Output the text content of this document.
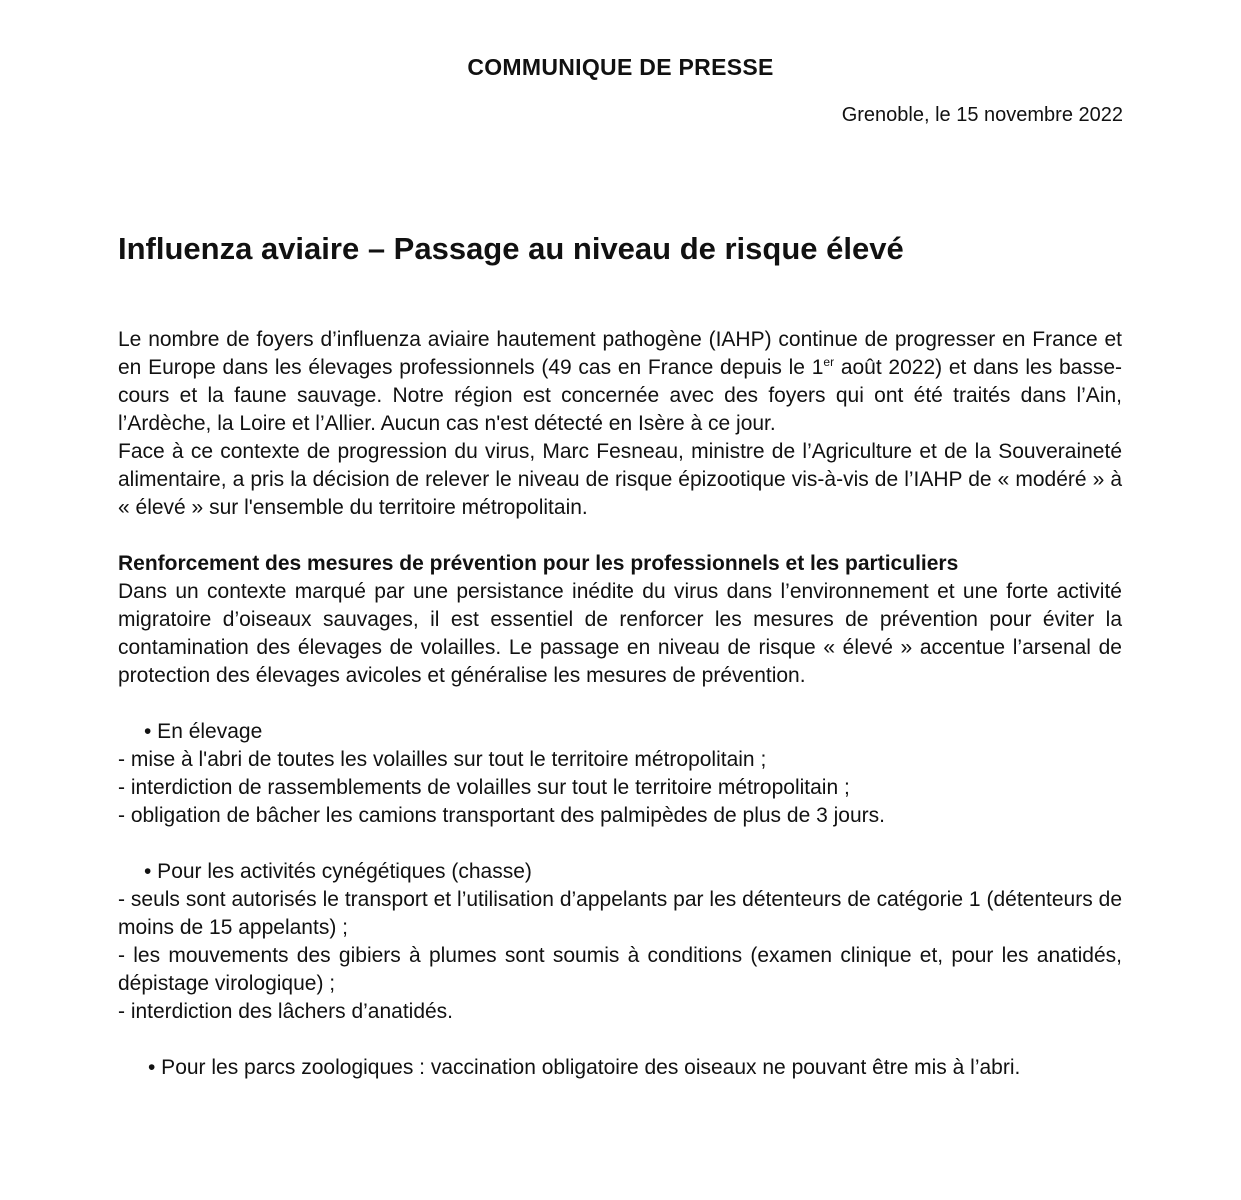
COMMUNIQUE DE PRESSE
Grenoble, le 15 novembre 2022
Influenza aviaire – Passage au niveau de risque élevé

Le nombre de foyers d’influenza aviaire hautement pathogène (IAHP) continue de progresser en France et en Europe dans les élevages professionnels (49 cas en France depuis le 1er août 2022) et dans les basse-cours et la faune sauvage. Notre région est concernée avec des foyers qui ont été traités dans l’Ain, l’Ardèche, la Loire et l’Allier. Aucun cas n'est détecté en Isère à ce jour.

Face à ce contexte de progression du virus, Marc Fesneau, ministre de l’Agriculture et de la Souveraineté alimentaire, a pris la décision de relever le niveau de risque épizootique vis-à-vis de l’IAHP de « modéré » à « élevé » sur l'ensemble du territoire métropolitain.

Renforcement des mesures de prévention pour les professionnels et les particuliers

Dans un contexte marqué par une persistance inédite du virus dans l’environnement et une forte activité migratoire d’oiseaux sauvages, il est essentiel de renforcer les mesures de prévention pour éviter la contamination des élevages de volailles. Le passage en niveau de risque « élevé » accentue l’arsenal de protection des élevages avicoles et généralise les mesures de prévention.

• En élevage

- mise à l'abri de toutes les volailles sur tout le territoire métropolitain ;

- interdiction de rassemblements de volailles sur tout le territoire métropolitain ;

- obligation de bâcher les camions transportant des palmipèdes de plus de 3 jours.

• Pour les activités cynégétiques (chasse)

- seuls sont autorisés le transport et l’utilisation d’appelants par les détenteurs de catégorie 1 (détenteurs de moins de 15 appelants) ;

- les mouvements des gibiers à plumes sont soumis à conditions (examen clinique et, pour les anatidés, dépistage virologique) ;

- interdiction des lâchers d’anatidés.

• Pour les parcs zoologiques : vaccination obligatoire des oiseaux ne pouvant être mis à l’abri.
